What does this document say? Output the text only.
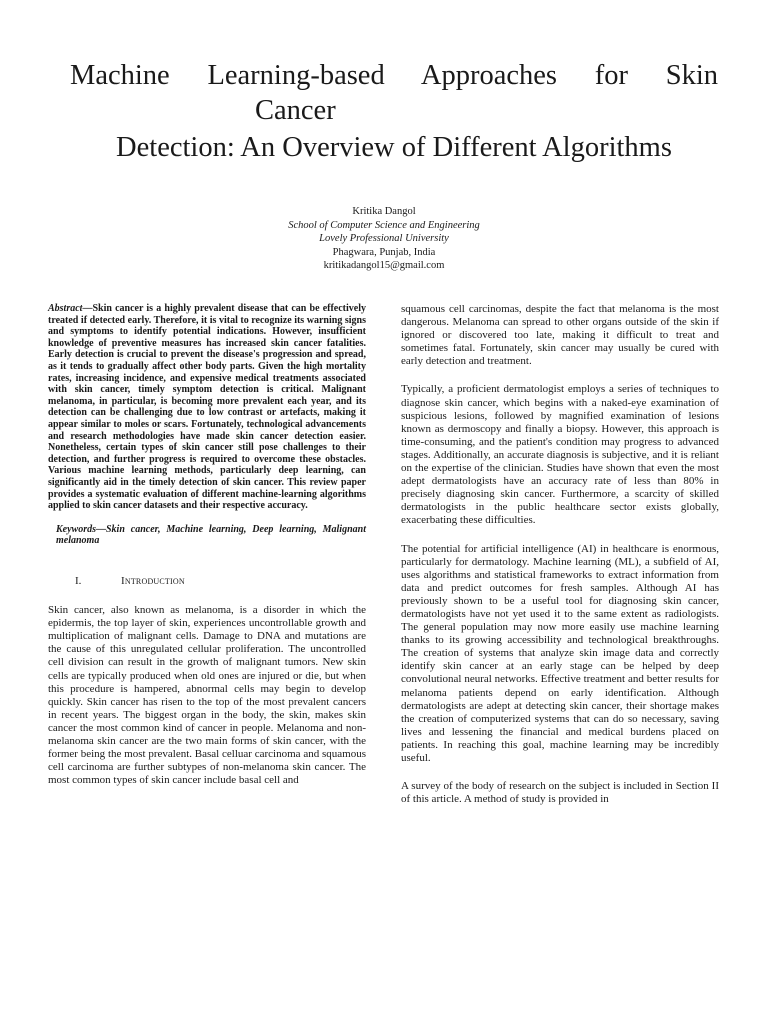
Machine Learning-based Approaches for Skin
Cancer
Detection: An Overview of Different Algorithms
Kritika Dangol
School of Computer Science and Engineering
Lovely Professional University
Phagwara, Punjab, India
kritikadangol15@gmail.com

Abstract—Skin cancer is a highly prevalent disease that can be effectively treated if detected early. Therefore, it is vital to recognize its warning signs and symptoms to identify potential indications. However, insufficient knowledge of preventive measures has increased skin cancer fatalities. Early detection is crucial to prevent the disease's progression and spread, as it tends to gradually affect other body parts. Given the high mortality rates, increasing incidence, and expensive medical treatments associated with skin cancer, timely symptom detection is critical. Malignant melanoma, in particular, is becoming more prevalent each year, and its detection can be challenging due to low contrast or artefacts, making it appear similar to moles or scars. Fortunately, technological advancements and research methodologies have made skin cancer detection easier. Nonetheless, certain types of skin cancer still pose challenges to their detection, and further progress is required to overcome these obstacles. Various machine learning methods, particularly deep learning, can significantly aid in the timely detection of skin cancer. This review paper provides a systematic evaluation of different machine-learning algorithms applied to skin cancer datasets and their respective accuracy.

Keywords—Skin cancer, Machine learning, Deep learning, Malignant melanoma

I.	Introduction

Skin cancer, also known as melanoma, is a disorder in which the epidermis, the top layer of skin, experiences uncontrollable growth and multiplication of malignant cells. Damage to DNA and mutations are the cause of this unregulated cellular proliferation. The uncontrolled cell division can result in the growth of malignant tumors. New skin cells are typically produced when old ones are injured or die, but when this procedure is hampered, abnormal cells may begin to develop quickly. Skin cancer has risen to the top of the most prevalent cancers in recent years. The biggest organ in the body, the skin, makes skin cancer the most common kind of cancer in people. Melanoma and non-melanoma skin cancer are the two main forms of skin cancer, with the former being the most prevalent. Basal celluar carcinoma and squamous cell carcinoma are further subtypes of non-melanoma skin cancer. The most common types of skin cancer include basal cell and

squamous cell carcinomas, despite the fact that melanoma is the most dangerous. Melanoma can spread to other organs outside of the skin if ignored or discovered too late, making it difficult to treat and sometimes fatal. Fortunately, skin cancer may usually be cured with early detection and treatment.

Typically, a proficient dermatologist employs a series of techniques to diagnose skin cancer, which begins with a naked-eye examination of suspicious lesions, followed by magnified examination of lesions known as dermoscopy and finally a biopsy. However, this approach is time-consuming, and the patient's condition may progress to advanced stages. Additionally, an accurate diagnosis is subjective, and it is reliant on the expertise of the clinician. Studies have shown that even the most adept dermatologists have an accuracy rate of less than 80% in precisely diagnosing skin cancer. Furthermore, a scarcity of skilled dermatologists in the public healthcare sector exists globally, exacerbating these difficulties.

The potential for artificial intelligence (AI) in healthcare is enormous, particularly for dermatology. Machine learning (ML), a subfield of AI, uses algorithms and statistical frameworks to extract information from data and predict outcomes for fresh samples. Although AI has previously shown to be a useful tool for diagnosing skin cancer, dermatologists have not yet used it to the same extent as radiologists. The general population may now more easily use machine learning thanks to its growing accessibility and technological breakthroughs. The creation of systems that analyze skin image data and correctly identify skin cancer at an early stage can be helped by deep convolutional neural networks. Effective treatment and better results for melanoma patients depend on early identification. Although dermatologists are adept at detecting skin cancer, their shortage makes the creation of computerized systems that can do so necessary, saving lives and lessening the financial and medical burdens placed on patients. In reaching this goal, machine learning may be incredibly useful.

A survey of the body of research on the subject is included in Section II of this article. A method of study is provided in
